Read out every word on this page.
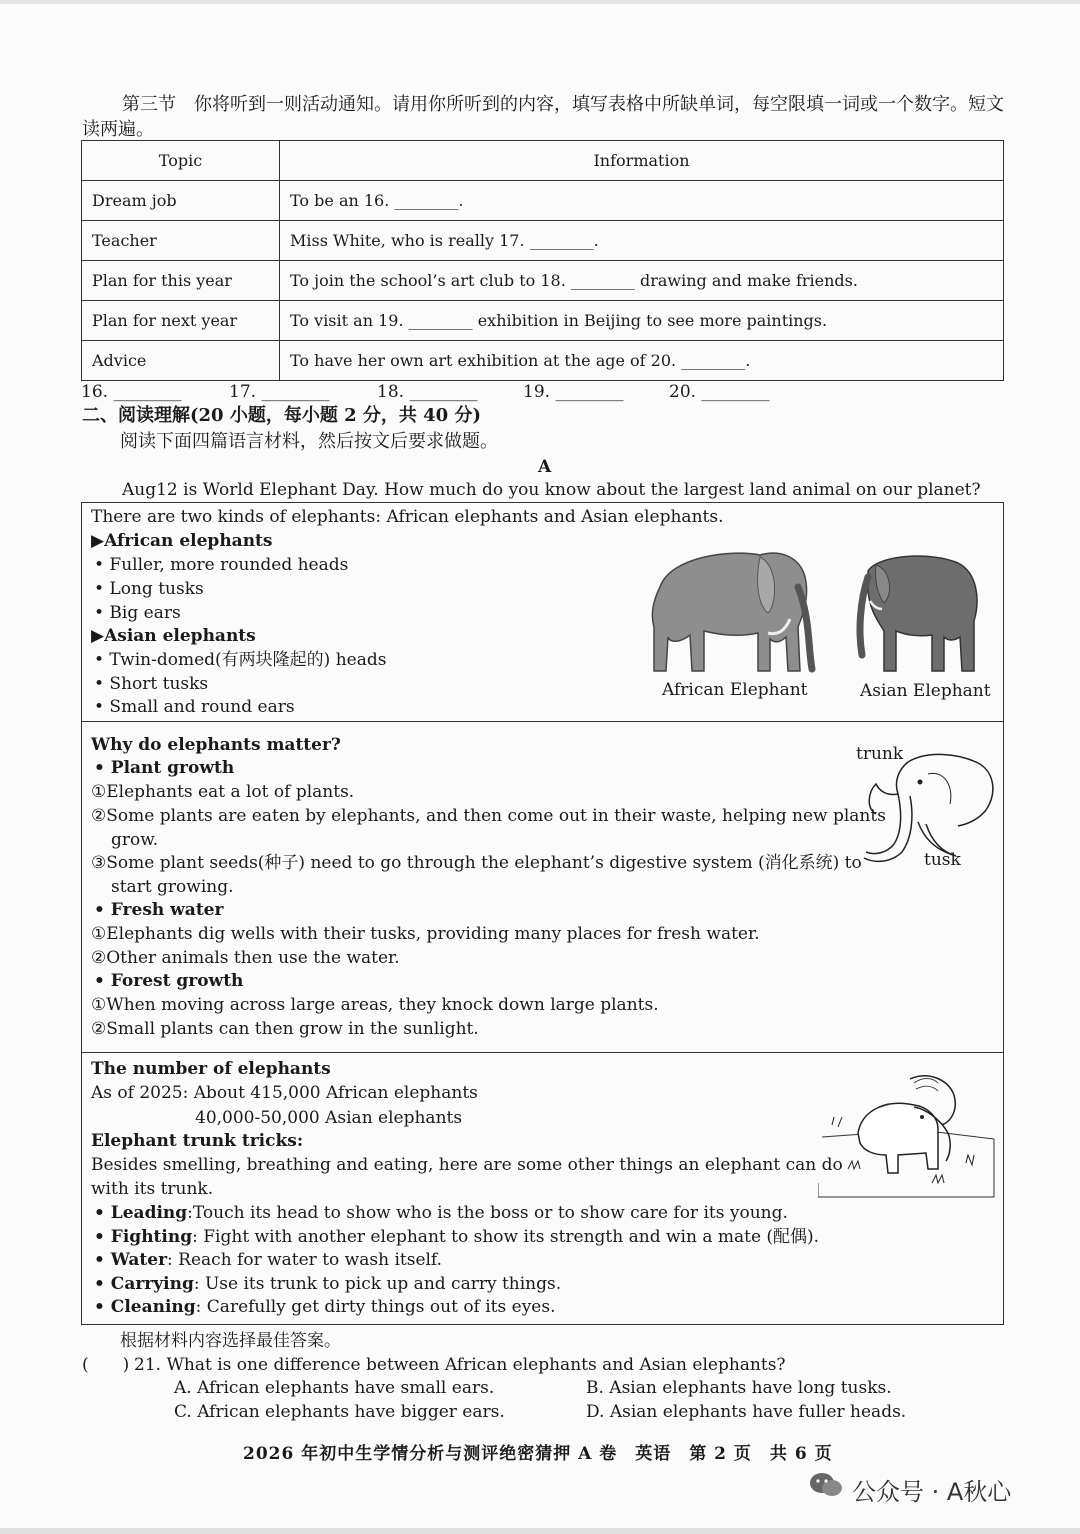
第三节　你将听到一则活动通知。请用你所听到的内容，填写表格中所缺单词，每空限填一词或一个数字。短文读两遍。
Topic	Information
Dream job	To be an 16. ________.
Teacher	Miss White, who is really 17. ________.
Plan for this year	To join the school’s art club to 18. ________ drawing and make friends.
Plan for next year	To visit an 19. ________ exhibition in Beijing to see more paintings.
Advice	To have her own art exhibition at the age of 20. ________.
16. ________	17. ________	18. ________	19. ________	20. ________
二、阅读理解(20 小题，每小题 2 分，共 40 分)
阅读下面四篇语言材料，然后按文后要求做题。
A
Aug12 is World Elephant Day. How much do you know about the largest land animal on our planet?
There are two kinds of elephants: African elephants and Asian elephants.
▶African elephants
• Fuller, more rounded heads
• Long tusks
• Big ears
▶Asian elephants
• Twin-domed(有两块隆起的) heads
• Short tusks
• Small and round ears
African Elephant	Asian Elephant
Why do elephants matter?
• Plant growth
①Elephants eat a lot of plants.
②Some plants are eaten by elephants, and then come out in their waste, helping new plants
grow.
③Some plant seeds(种子) need to go through the elephant’s digestive system (消化系统) to
start growing.
• Fresh water
①Elephants dig wells with their tusks, providing many places for fresh water.
②Other animals then use the water.
• Forest growth
①When moving across large areas, they knock down large plants.
②Small plants can then grow in the sunlight.
trunk
tusk
The number of elephants
As of 2025: About 415,000 African elephants
40,000-50,000 Asian elephants
Elephant trunk tricks:
Besides smelling, breathing and eating, here are some other things an elephant can do
with its trunk.
• Leading:Touch its head to show who is the boss or to show care for its young.
• Fighting: Fight with another elephant to show its strength and win a mate (配偶).
• Water: Reach for water to wash itself.
• Carrying: Use its trunk to pick up and carry things.
• Cleaning: Carefully get dirty things out of its eyes.
根据材料内容选择最佳答案。
(　　) 21. What is one difference between African elephants and Asian elephants?
A. African elephants have small ears.	B. Asian elephants have long tusks.
C. African elephants have bigger ears.	D. Asian elephants have fuller heads.
2026 年初中生学情分析与测评绝密猜押 A 卷　英语　第 2 页　共 6 页
公众号 · A秋心
